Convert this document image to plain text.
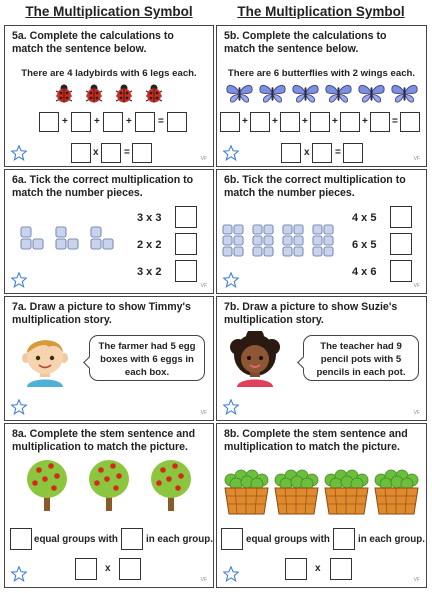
The Multiplication Symbol	The Multiplication Symbol
5a. Complete the calculations to match the sentence below.
There are 4 ladybirds with 6 legs each.
+	+	+	=
x	=
VF
5b. Complete the calculations to match the sentence below.
There are 6 butterflies with 2 wings each.
+ + + + + =
x	=
VF
6a. Tick the correct multiplication to match the number pieces.
3 x 3
2 x 2
3 x 2
VF
6b. Tick the correct multiplication to match the number pieces.
4 x 5
6 x 5
4 x 6
VF
7a. Draw a picture to show Timmy's multiplication story.
The farmer had 5 egg boxes with 6 eggs in each box.
VF
7b. Draw a picture to show Suzie's multiplication story.
The teacher had 9 pencil pots with 5 pencils in each pot.
VF
8a. Complete the stem sentence and multiplication to match the picture.
equal groups with	in each group.
x
VF
8b. Complete the stem sentence and multiplication to match the picture.
equal groups with	in each group.
x
VF
